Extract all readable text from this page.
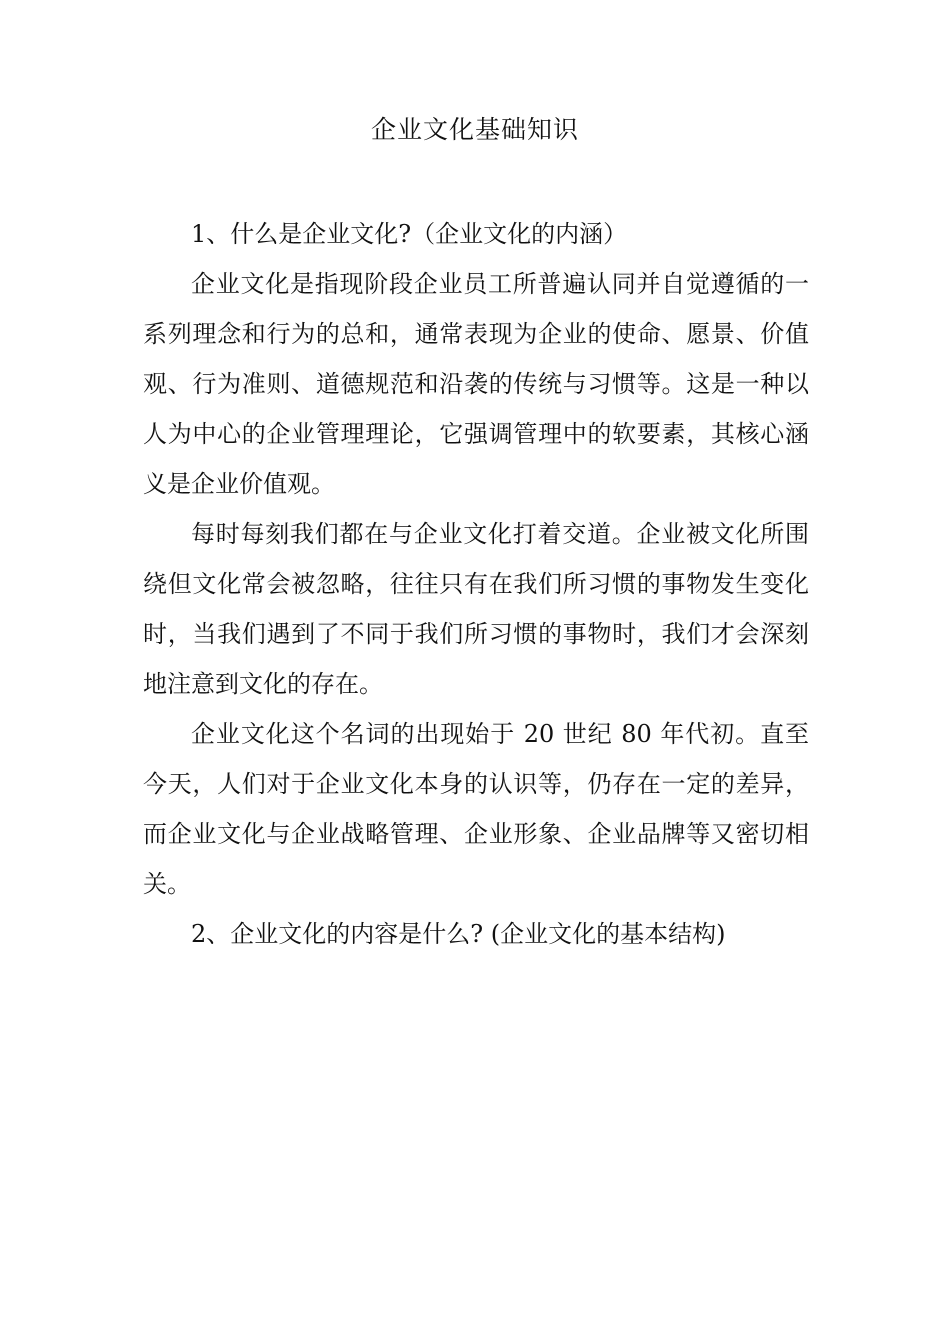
企业文化基础知识

1、什么是企业文化?（企业文化的内涵）

企业文化是指现阶段企业员工所普遍认同并自觉遵循的一系列理念和行为的总和，通常表现为企业的使命、愿景、价值观、行为准则、道德规范和沿袭的传统与习惯等。这是一种以人为中心的企业管理理论，它强调管理中的软要素，其核心涵义是企业价值观。

每时每刻我们都在与企业文化打着交道。企业被文化所围绕但文化常会被忽略，往往只有在我们所习惯的事物发生变化时，当我们遇到了不同于我们所习惯的事物时，我们才会深刻地注意到文化的存在。

企业文化这个名词的出现始于 20 世纪 80 年代初。直至今天，人们对于企业文化本身的认识等，仍存在一定的差异，而企业文化与企业战略管理、企业形象、企业品牌等又密切相关。

2、企业文化的内容是什么? (企业文化的基本结构)
